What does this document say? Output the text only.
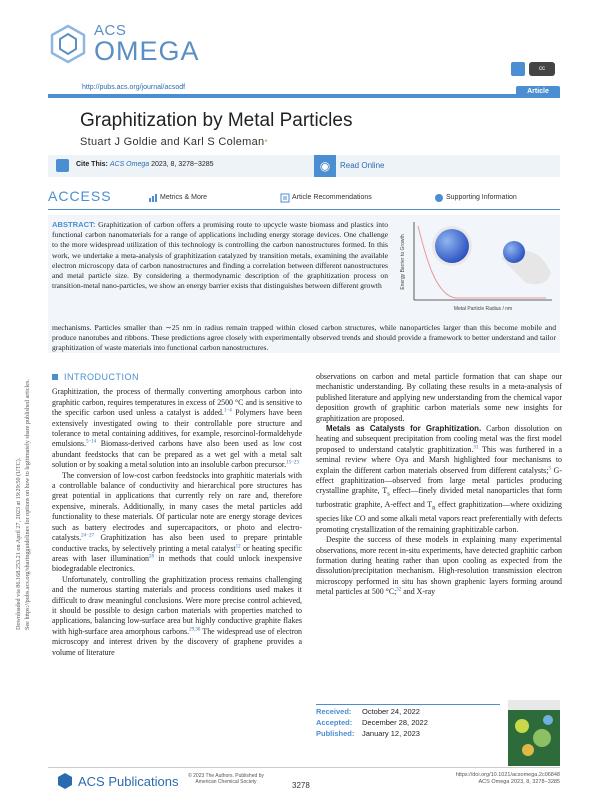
ACS
OMEGA
http://pubs.acs.org/journal/acsodf
cc
Article
Graphitization by Metal Particles
Stuart J Goldie and Karl S Coleman*
Cite This: ACS Omega 2023, 8, 3278−3285	◉	Read Online
ACCESS	Metrics & More	Article Recommendations	Supporting Information
ABSTRACT: Graphitization of carbon offers a promising route to upcycle waste biomass and plastics into functional carbon nanomaterials for a range of applications including energy storage devices. One challenge to the more widespread utilization of this technology is controlling the carbon nanostructures formed. In this work, we undertake a meta-analysis of graphitization catalyzed by transition metals, examining the available electron microscopy data of carbon nanostructures and finding a correlation between different nanostructures and metal particle size. By considering a thermodynamic description of the graphitization process on transition-metal nano-particles, we show an energy barrier exists that distinguishes between different growth
mechanisms. Particles smaller than ∼25 nm in radius remain trapped within closed carbon structures, while nanoparticles larger than this become mobile and produce nanotubes and ribbons. These predictions agree closely with experimentally observed trends and should provide a framework to better understand and tailor graphitization of waste materials into functional carbon nanostructures.
Energy Barrier to Growth
Metal Particle Radius / nm
Downloaded via 86.168.253.21 on April 27, 2023 at 19:29:50 (UTC). See https://pubs.acs.org/sharingguidelines for options on how to legitimately share published articles.
INTRODUCTION

Graphitization, the process of thermally converting amorphous carbon into graphitic carbon, requires temperatures in excess of 2500 °C and is sensitive to the specific carbon used unless a catalyst is added.$^{1-4}$ Polymers have been extensively investigated owing to their controllable pore structure and tolerance to metal containing additives, for example, resorcinol-formaldehyde emulsions.$^{5-14}$ Biomass-derived carbons have also been used as low cost abundant feedstocks that can be prepared as a wet gel with a metal salt solution or by soaking a metal solution into an insoluble carbon precursor.$^{15-23}$

The conversion of low-cost carbon feedstocks into graphitic materials with a controllable balance of conductivity and hierarchical pore structures has great potential in applications that currently rely on rare and, therefore expensive, minerals. Additionally, in many cases the metal particles add functionality to these materials. Of particular note are energy storage devices such as battery electrodes and supercapacitors, or photo and electro-catalysts.$^{24-27}$ Graphitization has also been used to prepare printable conductive tracks, by selectively printing a metal catalyst$^{12}$ or heating specific areas with laser illumination$^{28}$ in methods that could unlock inexpensive biodegradable electronics.

Unfortunately, controlling the graphitization process remains challenging and the numerous starting materials and process conditions used makes it difficult to draw meaningful conclusions. Were more precise control achieved, it should be possible to design carbon materials with properties matched to applications, balancing low-surface area but highly conductive graphite flakes with high-surface area amorphous carbons.$^{29,30}$ The widespread use of electron microscopy and interest driven by the discovery of graphene provides a volume of literature

observations on carbon and metal particle formation that can shape our mechanistic understanding. By collating these results in a meta-analysis of published literature and applying new understanding from the chemical vapor deposition growth of graphitic carbon materials some new insights for graphitization are proposed.

Metals as Catalysts for Graphitization. Carbon dissolution on heating and subsequent precipitation from cooling metal was the first model proposed to understand catalytic graphitization.$^{31}$ This was furthered in a seminal review where Oya and Marsh highlighted four mechanisms to explain the different carbon materials observed from different catalysts;$^3$ G-effect graphitization—observed from large metal particles producing crystalline graphite, $T_s$ effect—finely divided metal nanoparticles that form turbostratic graphite, A-effect and $T_n$ effect graphitization—where oxidizing species like CO and some alkali metal vapors react preferentially with defects promoting crystallization of the remaining graphitizable carbon.

Despite the success of these models in explaining many experimental observations, more recent in-situ experiments, have detected graphitic carbon formation during heating rather than upon cooling as expected from the dissolution/precipitation mechanism. High-resolution transmission electron microscopy performed in situ has shown graphenic layers forming around metal particles at 500 °C;$^{32}$ and X-ray

Received: October 24, 2022
Accepted: December 28, 2022
Published: January 12, 2023
ACS Publications	© 2023 The Authors. Published by American Chemical Society	3278
https://doi.org/10.1021/acsomega.2c06848
ACS Omega 2023, 8, 3278−3285
